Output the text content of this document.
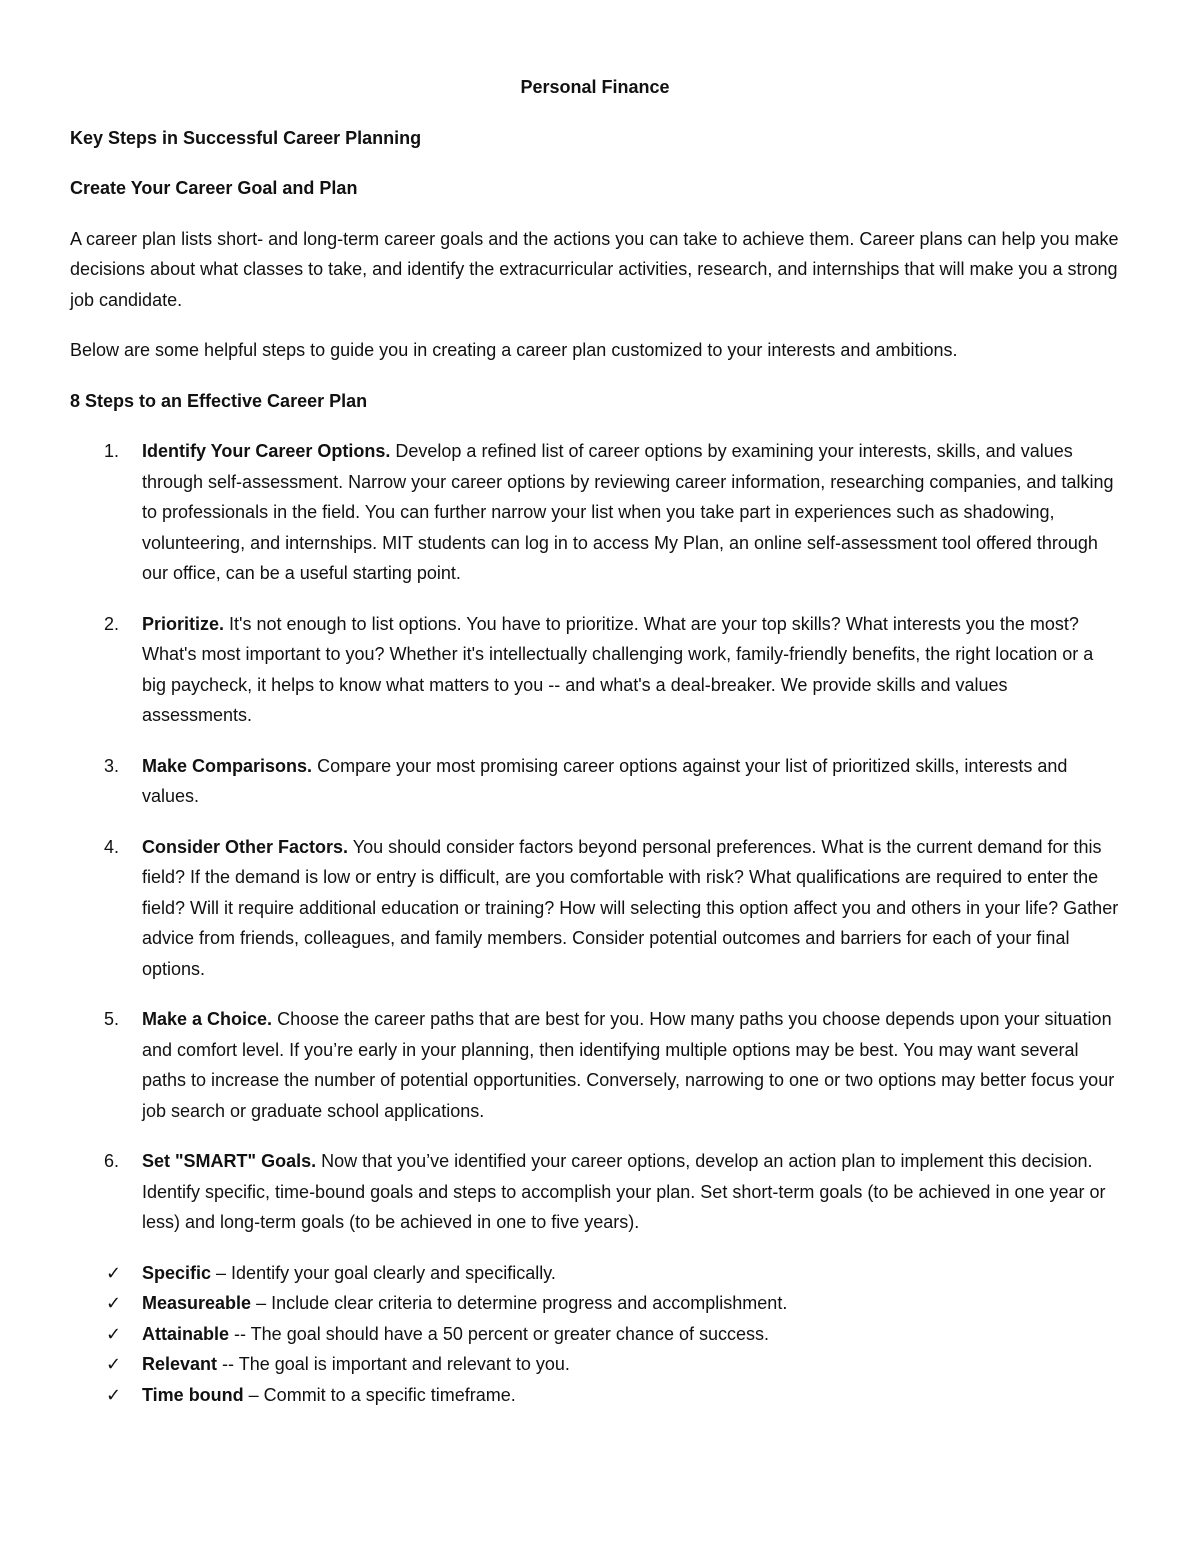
Personal Finance
Key Steps in Successful Career Planning
Create Your Career Goal and Plan

A career plan lists short- and long-term career goals and the actions you can take to achieve them. Career plans can help you make decisions about what classes to take, and identify the extracurricular activities, research, and internships that will make you a strong job candidate.

Below are some helpful steps to guide you in creating a career plan customized to your interests and ambitions.

8 Steps to an Effective Career Plan
1.	Identify Your Career Options. Develop a refined list of career options by examining your interests, skills, and values through self-assessment. Narrow your career options by reviewing career information, researching companies, and talking to professionals in the field. You can further narrow your list when you take part in experiences such as shadowing, volunteering, and internships. MIT students can log in to access My Plan, an online self-assessment tool offered through our office, can be a useful starting point.
2.	Prioritize. It's not enough to list options. You have to prioritize. What are your top skills? What interests you the most? What's most important to you? Whether it's intellectually challenging work, family-friendly benefits, the right location or a big paycheck, it helps to know what matters to you -- and what's a deal-breaker. We provide skills and values assessments.
3.	Make Comparisons. Compare your most promising career options against your list of prioritized skills, interests and values.
4.	Consider Other Factors. You should consider factors beyond personal preferences. What is the current demand for this field? If the demand is low or entry is difficult, are you comfortable with risk? What qualifications are required to enter the field? Will it require additional education or training? How will selecting this option affect you and others in your life? Gather advice from friends, colleagues, and family members. Consider potential outcomes and barriers for each of your final options.
5.	Make a Choice. Choose the career paths that are best for you. How many paths you choose depends upon your situation and comfort level. If you’re early in your planning, then identifying multiple options may be best. You may want several paths to increase the number of potential opportunities. Conversely, narrowing to one or two options may better focus your job search or graduate school applications.
6.	Set "SMART" Goals. Now that you’ve identified your career options, develop an action plan to implement this decision. Identify specific, time-bound goals and steps to accomplish your plan. Set short-term goals (to be achieved in one year or less) and long-term goals (to be achieved in one to five years).
✓ Specific – Identify your goal clearly and specifically.
✓ Measureable – Include clear criteria to determine progress and accomplishment.
✓ Attainable -- The goal should have a 50 percent or greater chance of success.
✓ Relevant -- The goal is important and relevant to you.
✓ Time bound – Commit to a specific timeframe.
